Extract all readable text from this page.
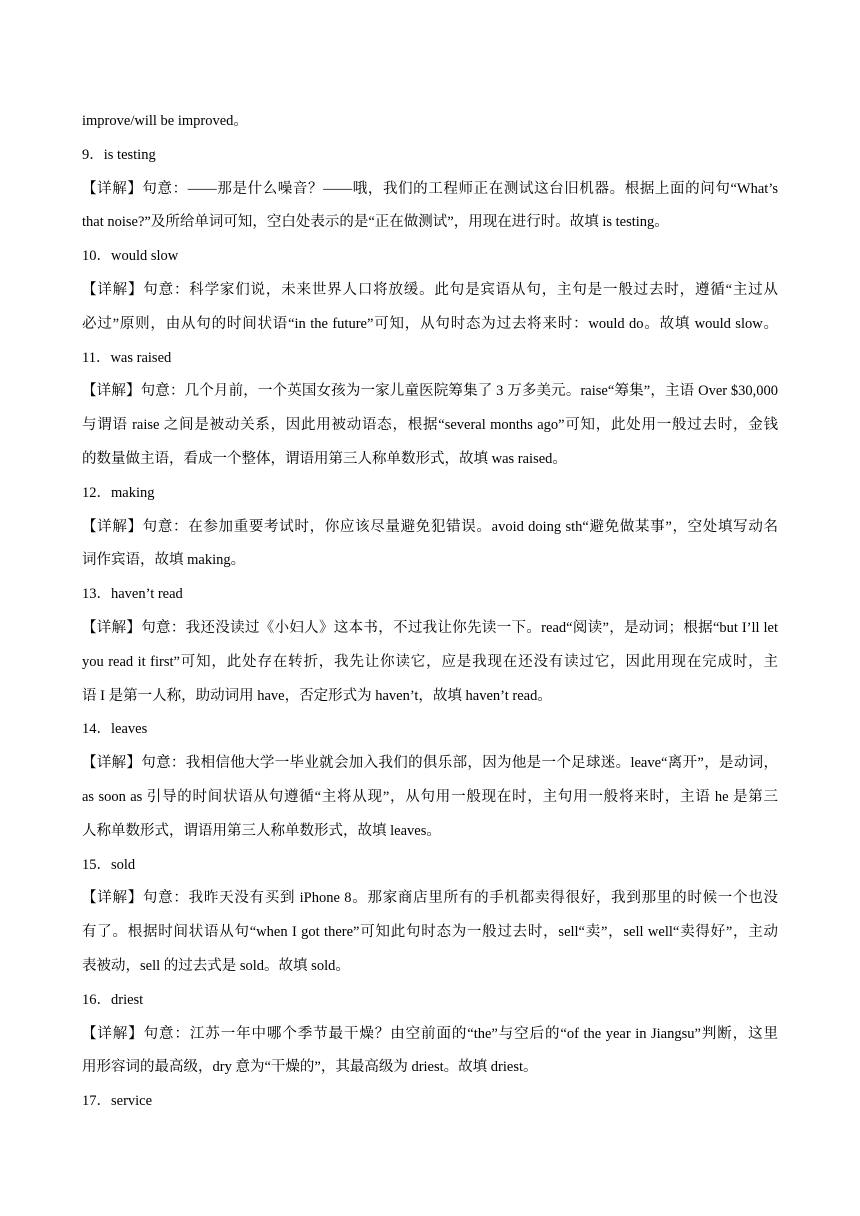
improve/will be improved。
9．is testing
【详解】句意：——那是什么噪音？——哦，我们的工程师正在测试这台旧机器。根据上面的问句“What’s
that noise?”及所给单词可知，空白处表示的是“正在做测试”，用现在进行时。故填 is testing。
10．would slow
【详解】句意：科学家们说，未来世界人口将放缓。此句是宾语从句，主句是一般过去时，遵循“主过从
必过”原则，由从句的时间状语“in the future”可知，从句时态为过去将来时：would do。故填 would slow。
11．was raised
【详解】句意：几个月前，一个英国女孩为一家儿童医院筹集了 3 万多美元。raise“筹集”，主语 Over $30,000
与谓语 raise 之间是被动关系，因此用被动语态，根据“several months ago”可知，此处用一般过去时，金钱
的数量做主语，看成一个整体，谓语用第三人称单数形式，故填 was raised。
12．making
【详解】句意：在参加重要考试时，你应该尽量避免犯错误。avoid doing sth“避免做某事”，空处填写动名
词作宾语，故填 making。
13．haven’t read
【详解】句意：我还没读过《小妇人》这本书，不过我让你先读一下。read“阅读”，是动词；根据“but I’ll let
you read it first”可知，此处存在转折，我先让你读它，应是我现在还没有读过它，因此用现在完成时，主
语 I 是第一人称，助动词用 have，否定形式为 haven’t，故填 haven’t read。
14．leaves
【详解】句意：我相信他大学一毕业就会加入我们的俱乐部，因为他是一个足球迷。leave“离开”，是动词，
as soon as 引导的时间状语从句遵循“主将从现”，从句用一般现在时，主句用一般将来时，主语 he 是第三
人称单数形式，谓语用第三人称单数形式，故填 leaves。
15．sold
【详解】句意：我昨天没有买到 iPhone 8。那家商店里所有的手机都卖得很好，我到那里的时候一个也没
有了。根据时间状语从句“when I got there”可知此句时态为一般过去时，sell“卖”，sell well“卖得好”，主动
表被动，sell 的过去式是 sold。故填 sold。
16．driest
【详解】句意：江苏一年中哪个季节最干燥？由空前面的“the”与空后的“of the year in Jiangsu”判断，这里
用形容词的最高级，dry 意为“干燥的”，其最高级为 driest。故填 driest。
17．service
